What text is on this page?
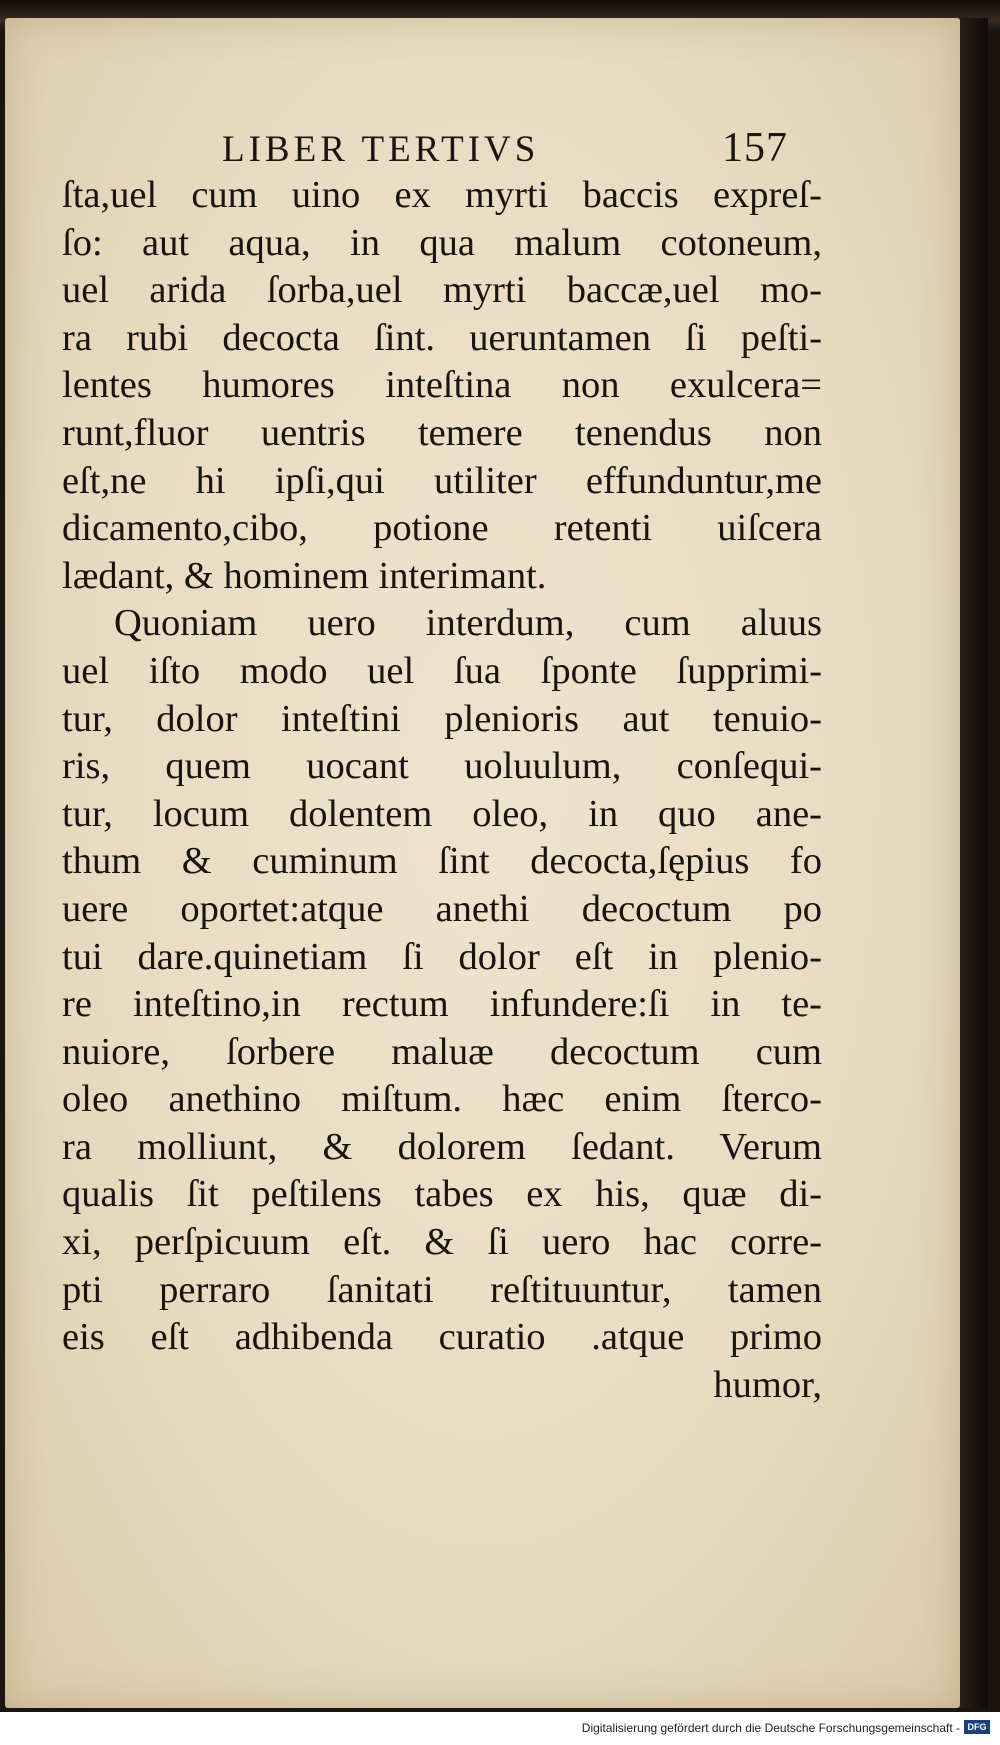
LIBER TERTIVS	157
ſta,uel cum uino ex myrti baccis expreſ-
ſo: aut aqua, in qua malum cotoneum,
uel arida ſorba,uel myrti baccæ,uel mo-
ra rubi decocta ſint. ueruntamen ſi peſti-
lentes humores inteſtina non exulcera=
runt,fluor uentris temere tenendus non
eſt,ne hi ipſi,qui utiliter effunduntur,me
dicamento,cibo, potione retenti uiſcera
lædant, & hominem interimant.
Quoniam uero interdum, cum aluus
uel iſto modo uel ſua ſponte ſupprimi-
tur, dolor inteſtini plenioris aut tenuio-
ris, quem uocant uoluulum, conſequi-
tur, locum dolentem oleo, in quo ane-
thum & cuminum ſint decocta,ſępius fo
uere oportet:atque anethi decoctum po
tui dare.quinetiam ſi dolor eſt in plenio-
re inteſtino,in rectum infundere:ſi in te-
nuiore, ſorbere maluæ decoctum cum
oleo anethino miſtum. hæc enim ſterco-
ra molliunt, & dolorem ſedant. Verum
qualis ſit peſtilens tabes ex his, quæ di-
xi, perſpicuum eſt. & ſi uero hac corre-
pti perraro ſanitati reſtituuntur, tamen
eis eſt adhibenda curatio .atque primo
humor,
Digitalisierung gefördert durch die Deutsche Forschungsgemeinschaft - DFG
